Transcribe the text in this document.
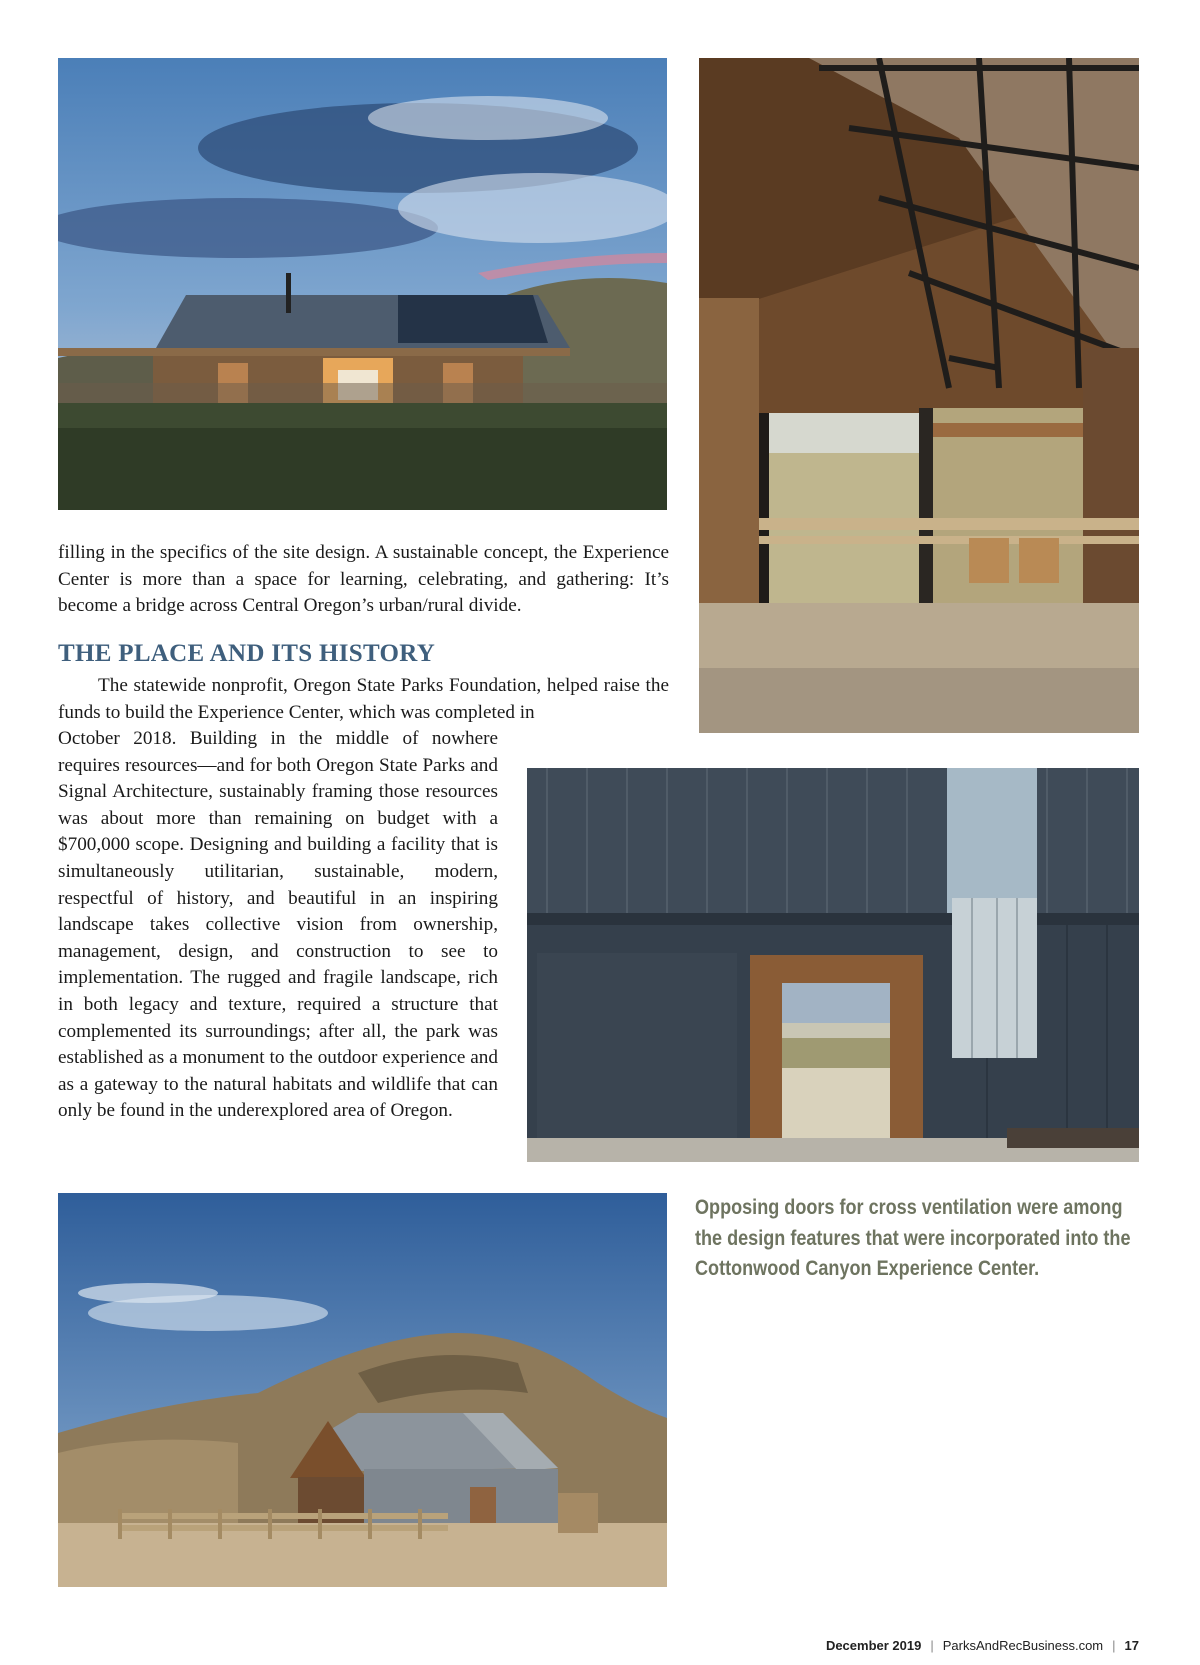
filling in the specifics of the site design. A sustainable concept, the Experience Center is more than a space for learning, celebrating, and gathering: It’s become a bridge across Central Oregon’s urban/rural divide.

THE PLACE AND ITS HISTORY

The statewide nonprofit, Oregon State Parks Foundation, helped raise the funds to build the Experience Center, which was completed in

October 2018. Building in the middle of nowhere requires resources—and for both Oregon State Parks and Signal Architecture, sustainably framing those resources was about more than remaining on budget with a $700,000 scope. Designing and building a facility that is simultaneously utilitarian, sustainable, modern, respectful of history, and beautiful in an inspiring landscape takes collective vision from ownership, management, design, and construction to see to implementation. The rugged and fragile landscape, rich in both legacy and texture, required a structure that complemented its surroundings; after all, the park was established as a monument to the outdoor experience and as a gateway to the natural habitats and wildlife that can only be found in the underexplored area of Oregon.

Opposing doors for cross ventilation were among the design features that were incorporated into the Cottonwood Canyon Experience Center.

December 2019 | ParksAndRecBusiness.com | 17
